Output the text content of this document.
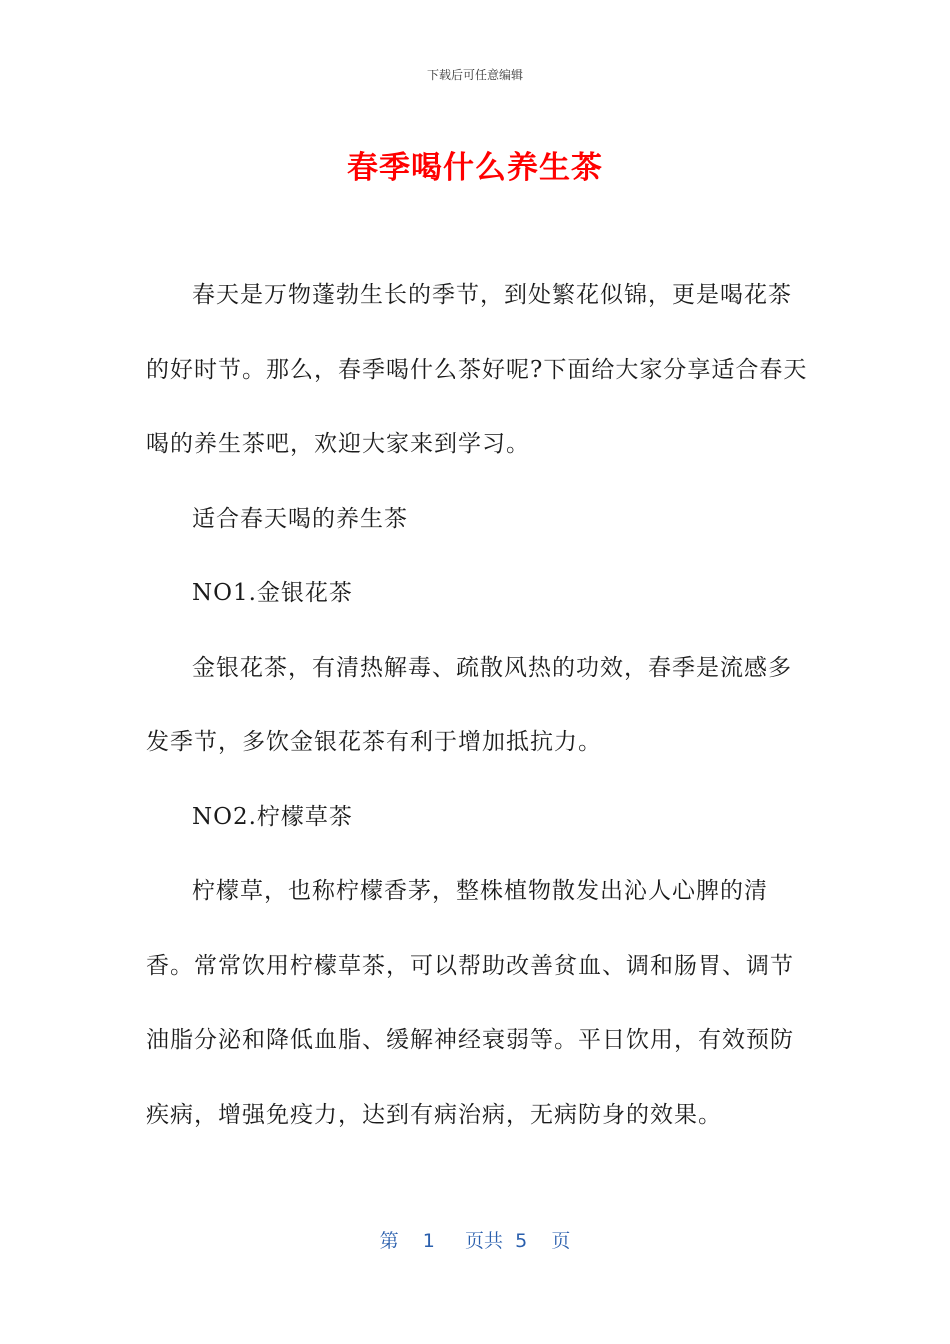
下载后可任意编辑
春季喝什么养生茶

春天是万物蓬勃生长的季节，到处繁花似锦，更是喝花茶的好时节。那么，春季喝什么茶好呢?下面给大家分享适合春天喝的养生茶吧，欢迎大家来到学习。

适合春天喝的养生茶

NO1.金银花茶

金银花茶，有清热解毒、疏散风热的功效，春季是流感多发季节，多饮金银花茶有利于增加抵抗力。

NO2.柠檬草茶

柠檬草，也称柠檬香茅，整株植物散发出沁人心脾的清香。常常饮用柠檬草茶，可以帮助改善贫血、调和肠胃、调节油脂分泌和降低血脂、缓解神经衰弱等。平日饮用，有效预防疾病，增强免疫力，达到有病治病，无病防身的效果。

第 1 页共 5 页
